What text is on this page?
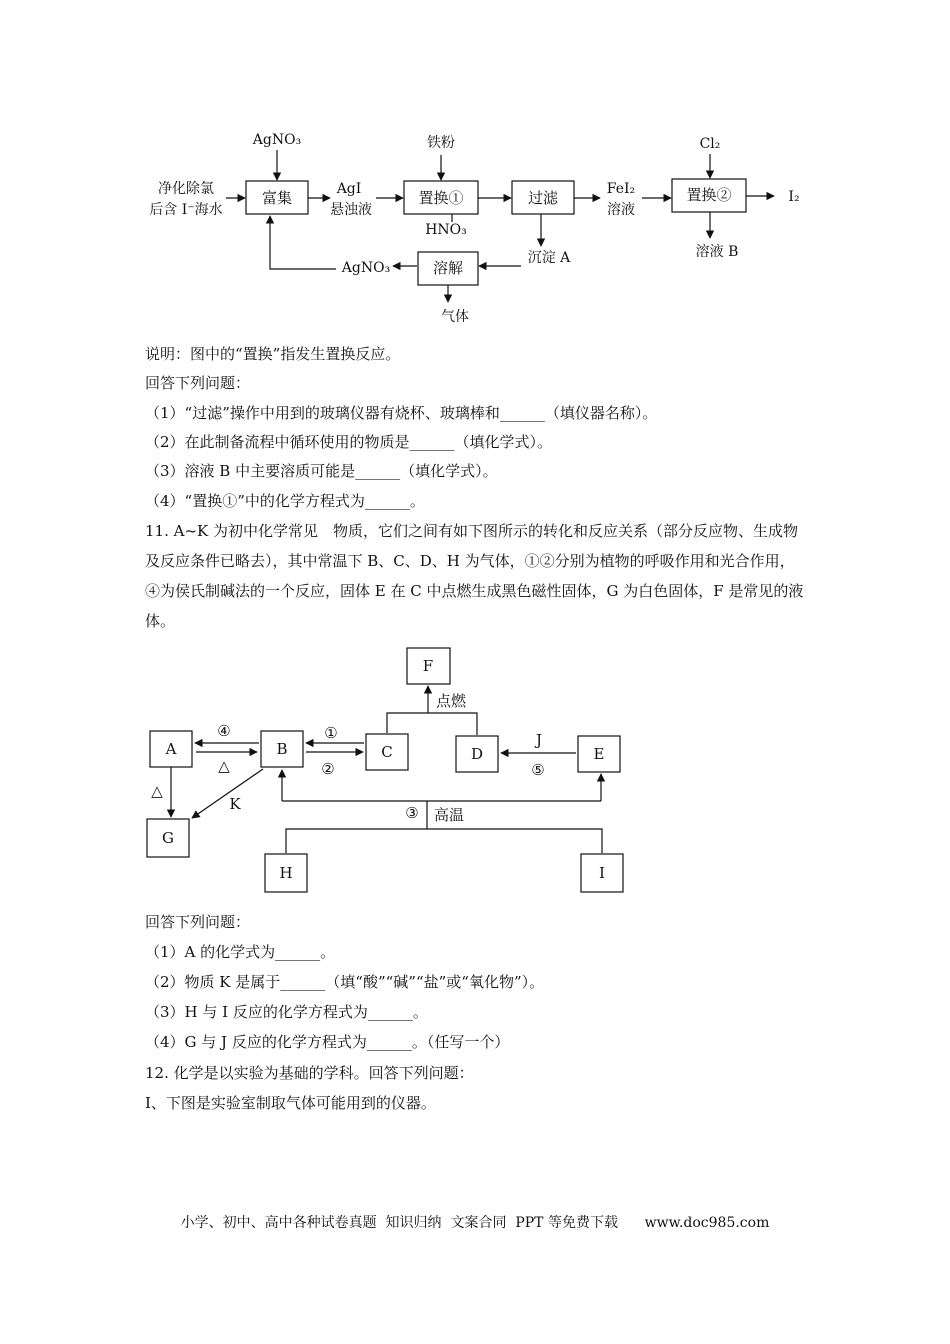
净化除氯
后含 I⁻海水
AgNO₃
富集	AgI
悬浊液
铁粉
置换①	过滤	FeI₂
溶液
Cl₂
置换②	I₂
HNO₃
溶解
AgNO₃
沉淀 A	溶液 B
气体
说明：图中的“置换”指发生置换反应。
回答下列问题：
（1）“过滤”操作中用到的玻璃仪器有烧杯、玻璃棒和______（填仪器名称）。
（2）在此制备流程中循环使用的物质是______（填化学式）。
（3）溶液 B 中主要溶质可能是______（填化学式）。
（4）“置换①”中的化学方程式为______。
11. A~K 为初中化学常见　物质，它们之间有如下图所示的转化和反应关系（部分反应物、生成物及反应条件已略去），其中常温下 B、C、D、H 为气体，①②分别为植物的呼吸作用和光合作用，④为侯氏制碱法的一个反应，固体 E 在 C 中点燃生成黑色磁性固体，G 为白色固体，F 是常见的液体。
F
A	B	C	D	E
G
H	I
点燃
④
△
△
①
②
J
⑤
K	③ 高温
回答下列问题：
（1）A 的化学式为______。
（2）物质 K 是属于______（填“酸”“碱”“盐”或“氧化物”）。
（3）H 与 I 反应的化学方程式为______。
（4）G 与 J 反应的化学方程式为______。（任写一个）
12. 化学是以实验为基础的学科。回答下列问题：
I、下图是实验室制取气体可能用到的仪器。
小学、初中、高中各种试卷真题  知识归纳  文案合同  PPT 等免费下载      www.doc985.com
